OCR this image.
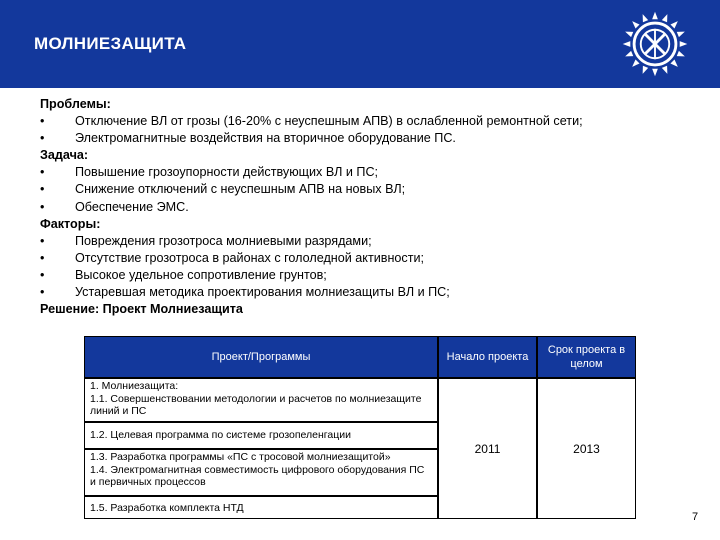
МОЛНИЕЗАЩИТА
Проблемы:
• Отключение ВЛ от грозы (16-20% с неуспешным АПВ) в ослабленной ремонтной сети;
• Электромагнитные воздействия на вторичное оборудование ПС.
Задача:
• Повышение грозоупорности действующих ВЛ и ПС;
• Снижение отключений с неуспешным АПВ на новых ВЛ;
• Обеспечение ЭМС.
Факторы:
• Повреждения грозотроса молниевыми разрядами;
• Отсутствие грозотроса в районах с гололедной активности;
• Высокое удельное сопротивление грунтов;
• Устаревшая методика проектирования молниезащиты ВЛ и ПС;
Решение: Проект Молниезащита
Проект/Программы	Начало проекта
Срок проекта в целом
1. Молниезащита:
1.1. Совершенствовании методологии и расчетов по молниезащите линий и ПС
1.2. Целевая программа по системе грозопеленгации
1.3. Разработка программы «ПС с тросовой молниезащитой»
1.4. Электромагнитная совместимость цифрового оборудования ПС и первичных процессов
1.5. Разработка комплекта НТД
2011	2013
7
